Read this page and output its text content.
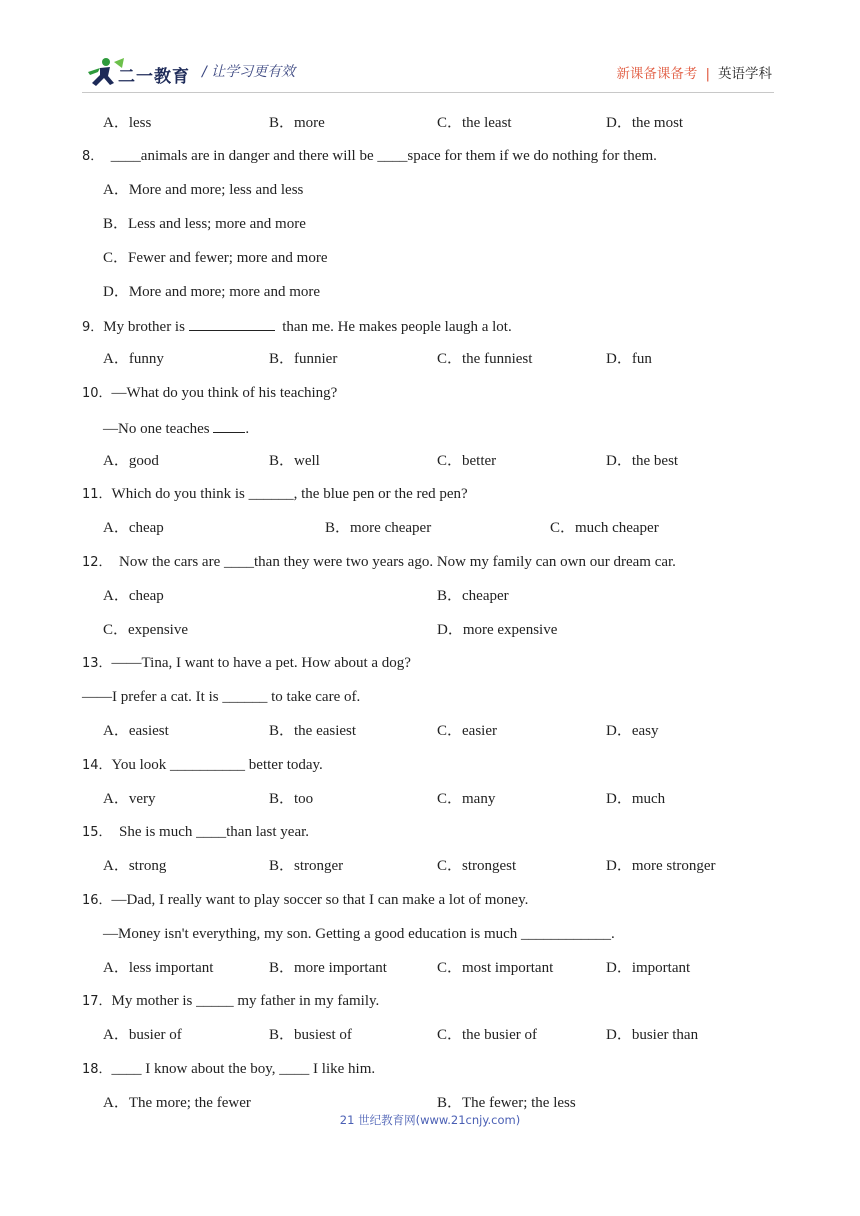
二一教育 / 让学习更有效	新课备课备考 | 英语学科
A．less	B．more	C．the least	D．the most
8．  ____animals are in danger and there will be ____space for them if we do nothing for them.
A．More and more; less and less
B．Less and less; more and more
C．Fewer and fewer; more and more
D．More and more; more and more
9．My brother is	than me. He makes people laugh a lot.
A．funny	B．funnier	C．the funniest	D．fun
10．—What do you think of his teaching?
—No one teaches .
A．good	B．well	C．better	D．the best
11．Which do you think is ______, the blue pen or the red pen?
A．cheap	B．more cheaper	C．much cheaper
12．  Now the cars are ____than they were two years ago. Now my family can own our dream car.
A．cheap	B．cheaper
C．expensive	D．more expensive
13．——Tina, I want to have a pet. How about a dog?
——I prefer a cat. It is ______ to take care of.
A．easiest	B．the easiest	C．easier	D．easy
14．You look __________ better today.
A．very	B．too	C．many	D．much
15．  She is much ____than last year.
A．strong	B．stronger	C．strongest	D．more stronger
16．—Dad, I really want to play soccer so that I can make a lot of money.
—Money isn't everything, my son. Getting a good education is much ____________.
A．less important	B．more important	C．most important	D．important
17．My mother is _____ my father in my family.
A．busier of	B．busiest of	C．the busier of	D．busier than
18．____ I know about the boy, ____ I like him.
A．The more; the fewer	B．The fewer; the less
21 世纪教育网(www.21cnjy.com)
